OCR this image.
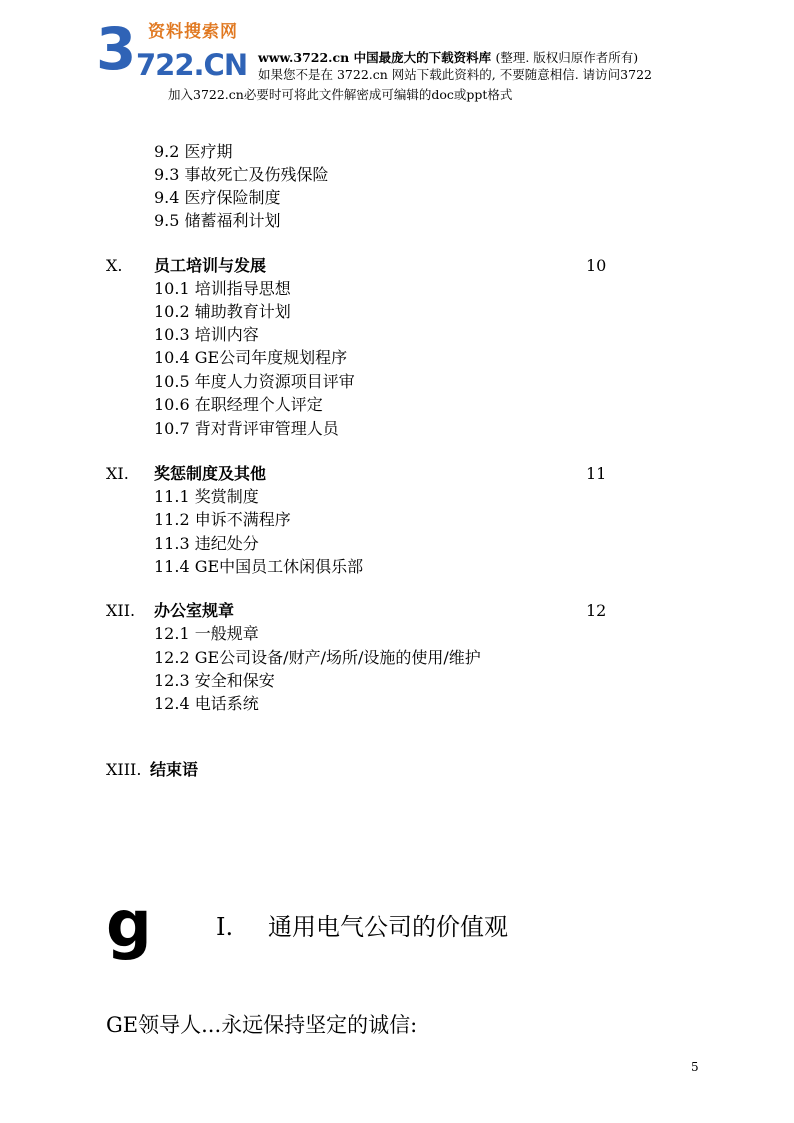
3 资料搜索网
722.CN www.3722.cn 中国最庞大的下载资料库 (整理. 版权归原作者所有)
如果您不是在 3722.cn 网站下载此资料的, 不要随意相信. 请访问3722
加入3722.cn必要时可将此文件解密成可编辑的doc或ppt格式
9.2 医疗期
9.3 事故死亡及伤残保险
9.4 医疗保险制度
9.5 储蓄福利计划
X. 员工培训与发展	10
10.1 培训指导思想
10.2 辅助教育计划
10.3 培训内容
10.4 GE公司年度规划程序
10.5 年度人力资源项目评审
10.6 在职经理个人评定
10.7 背对背评审管理人员
XI. 奖惩制度及其他	11
11.1 奖赏制度
11.2 申诉不满程序
11.3 违纪处分
11.4 GE中国员工休闲俱乐部
XII. 办公室规章	12
12.1 一般规章
12.2 GE公司设备/财产/场所/设施的使用/维护
12.3 安全和保安
12.4 电话系统
XIII. 结束语
g	I. 通用电气公司的价值观
GE领导人...永远保持坚定的诚信:
5
